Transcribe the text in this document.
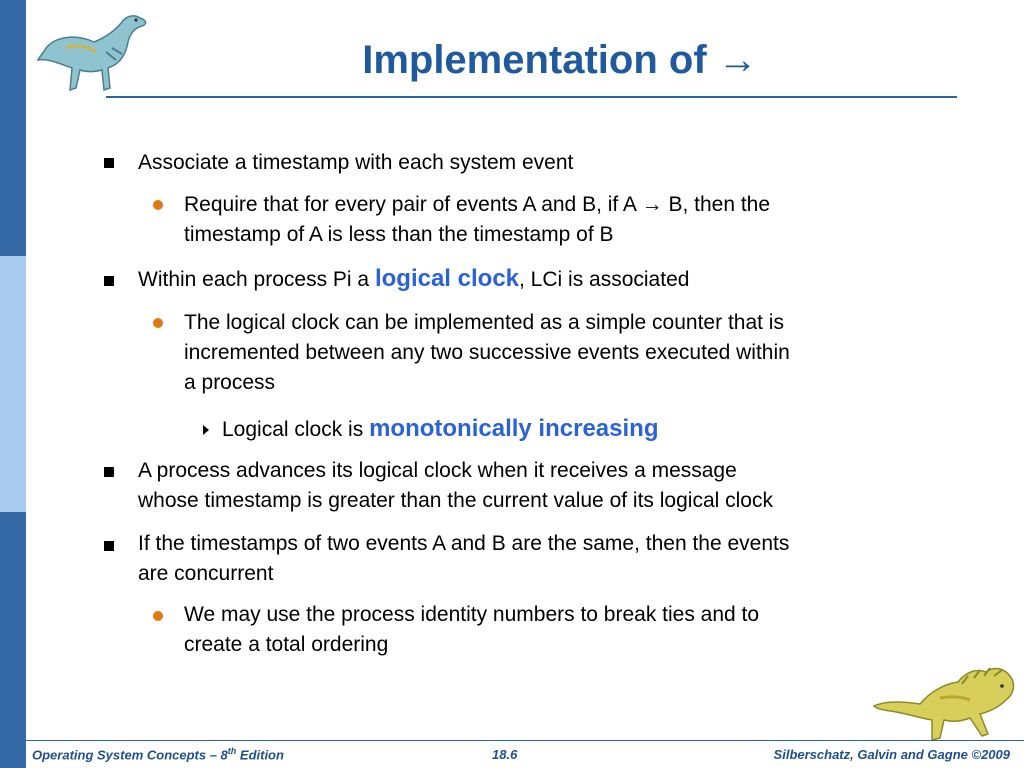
Implementation of →
Associate a timestamp with each system event
Require that for every pair of events A and B, if A → B, then the
timestamp of A is less than the timestamp of B
Within each process Pi a logical clock, LCi is associated
The logical clock can be implemented as a simple counter that is
incremented between any two successive events executed within
a process
Logical clock is monotonically increasing
A process advances its logical clock when it receives a message
whose timestamp is greater than the current value of its logical clock
If the timestamps of two events A and B are the same, then the events
are concurrent
We may use the process identity numbers to break ties and to
create a total ordering
Operating System Concepts – 8th Edition	18.6	Silberschatz, Galvin and Gagne ©2009
